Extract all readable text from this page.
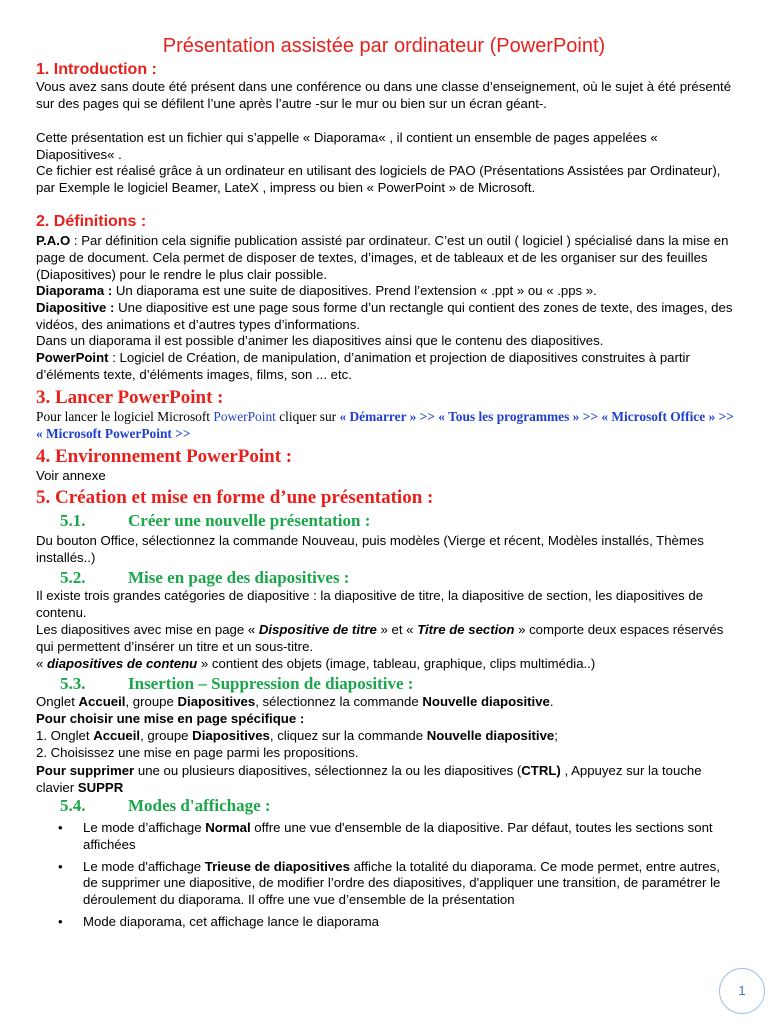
Présentation assistée par ordinateur (PowerPoint)
1. Introduction :
Vous avez sans doute été présent dans une conférence ou dans une classe d’enseignement, où le sujet à été présenté sur des pages qui se défilent l’une après l’autre -sur le mur ou bien sur un écran géant-.
Cette présentation est un fichier qui s’appelle « Diaporama« , il contient un ensemble de pages appelées « Diapositives« .
Ce fichier est réalisé grâce à un ordinateur en utilisant des logiciels de PAO (Présentations Assistées par Ordinateur), par Exemple le logiciel Beamer, LateX , impress ou bien « PowerPoint » de Microsoft.
2. Définitions :
P.A.O : Par définition cela signifie publication assisté par ordinateur. C’est un outil ( logiciel ) spécialisé dans la mise en page de document. Cela permet de disposer de textes, d’images, et de tableaux et de les organiser sur des feuilles (Diapositives) pour le rendre le plus clair possible.
Diaporama : Un diaporama est une suite de diapositives. Prend l’extension « .ppt » ou « .pps ».
Diapositive : Une diapositive est une page sous forme d’un rectangle qui contient des zones de texte, des images, des vidéos, des animations et d’autres types d’informations.
Dans un diaporama il est possible d’animer les diapositives ainsi que le contenu des diapositives.
PowerPoint : Logiciel de Création, de manipulation, d’animation et projection de diapositives construites à partir d’éléments texte, d’éléments images, films, son ... etc.
3. Lancer PowerPoint :
Pour lancer le logiciel Microsoft PowerPoint cliquer sur « Démarrer » >> « Tous les programmes » >> « Microsoft Office » >> « Microsoft PowerPoint >>
4. Environnement PowerPoint :
Voir annexe
5. Création et mise en forme d’une présentation :
5.1.	Créer une nouvelle présentation :
Du bouton Office, sélectionnez la commande Nouveau, puis modèles (Vierge et récent, Modèles installés, Thèmes installés..)
5.2.	Mise en page des diapositives :
Il existe trois grandes catégories de diapositive : la diapositive de titre, la diapositive de section, les diapositives de contenu.
Les diapositives avec mise en page « Dispositive de titre » et « Titre de section » comporte deux espaces réservés qui permettent d’insérer un titre et un sous-titre.
« diapositives de contenu » contient des objets (image, tableau, graphique, clips multimédia..)
5.3.	Insertion – Suppression de diapositive :
Onglet Accueil, groupe Diapositives, sélectionnez la commande Nouvelle diapositive.
Pour choisir une mise en page spécifique :
1. Onglet Accueil, groupe Diapositives, cliquez sur la commande Nouvelle diapositive;
2. Choisissez une mise en page parmi les propositions.
Pour supprimer une ou plusieurs diapositives, sélectionnez la ou les diapositives (CTRL) , Appuyez sur la touche clavier SUPPR
5.4.	Modes d'affichage :
• Le mode d’affichage Normal offre une vue d'ensemble de la diapositive. Par défaut, toutes les sections sont affichées
• Le mode d'affichage Trieuse de diapositives affiche la totalité du diaporama. Ce mode permet, entre autres, de supprimer une diapositive, de modifier l’ordre des diapositives, d'appliquer une transition, de paramétrer le déroulement du diaporama. Il offre une vue d’ensemble de la présentation
• Mode diaporama, cet affichage lance le diaporama
1
